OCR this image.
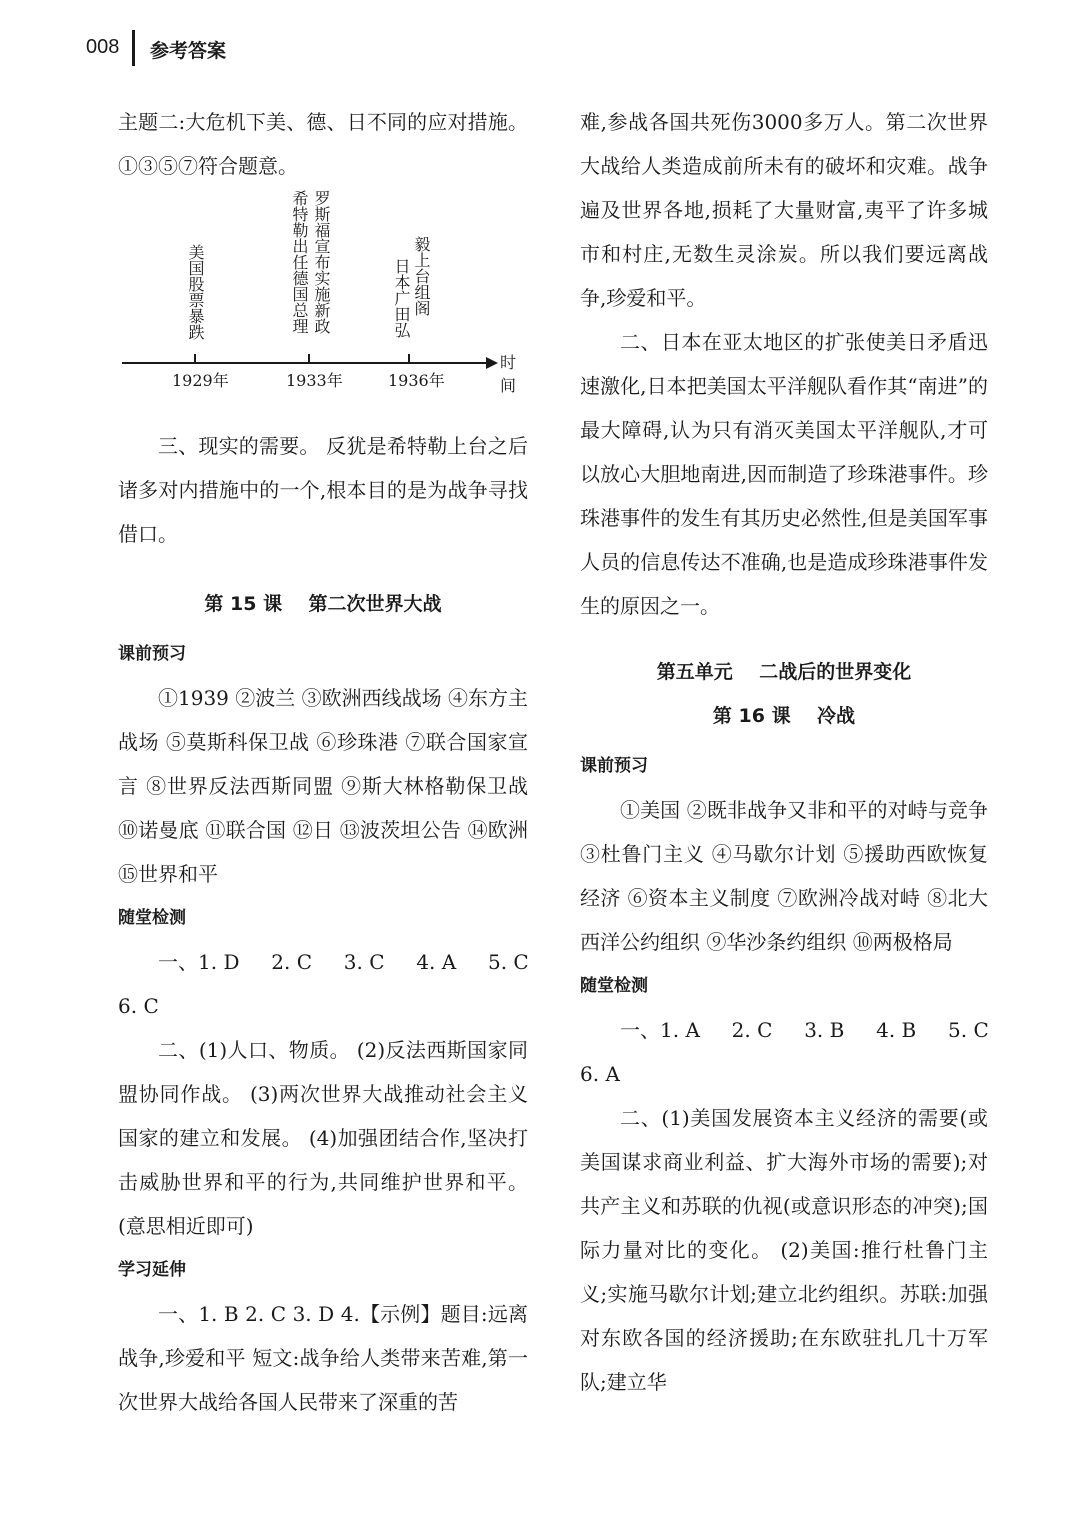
008 参考答案

主题二:大危机下美、德、日不同的应对措施。①③⑤⑦符合题意。

美国股票暴跌	希特勒出任德国总理 罗斯福宣布实施新政	日本广田弘 毅上台组阁
时间
1929年	1933年	1936年

三、现实的需要。 反犹是希特勒上台之后诸多对内措施中的一个,根本目的是为战争寻找借口。

第 15 课    第二次世界大战

课前预习

①1939 ②波兰 ③欧洲西线战场 ④东方主战场 ⑤莫斯科保卫战 ⑥珍珠港 ⑦联合国家宣言 ⑧世界反法西斯同盟 ⑨斯大林格勒保卫战 ⑩诺曼底 ⑪联合国 ⑫日 ⑬波茨坦公告 ⑭欧洲 ⑮世界和平

随堂检测

一、1. D     2. C     3. C     4. A     5. C

6. C

二、(1)人口、物质。 (2)反法西斯国家同盟协同作战。 (3)两次世界大战推动社会主义国家的建立和发展。 (4)加强团结合作,坚决打击威胁世界和平的行为,共同维护世界和平。(意思相近即可)

学习延伸

一、1. B 2. C 3. D 4.【示例】题目:远离战争,珍爱和平 短文:战争给人类带来苦难,第一次世界大战给各国人民带来了深重的苦

难,参战各国共死伤3000多万人。第二次世界大战给人类造成前所未有的破坏和灾难。战争遍及世界各地,损耗了大量财富,夷平了许多城市和村庄,无数生灵涂炭。所以我们要远离战争,珍爱和平。

二、日本在亚太地区的扩张使美日矛盾迅速激化,日本把美国太平洋舰队看作其“南进”的最大障碍,认为只有消灭美国太平洋舰队,才可以放心大胆地南进,因而制造了珍珠港事件。珍珠港事件的发生有其历史必然性,但是美国军事人员的信息传达不准确,也是造成珍珠港事件发生的原因之一。

第五单元    二战后的世界变化

第 16 课    冷战

课前预习

①美国 ②既非战争又非和平的对峙与竞争 ③杜鲁门主义 ④马歇尔计划 ⑤援助西欧恢复经济 ⑥资本主义制度 ⑦欧洲冷战对峙 ⑧北大西洋公约组织 ⑨华沙条约组织 ⑩两极格局

随堂检测

一、1. A     2. C     3. B     4. B     5. C

6. A

二、(1)美国发展资本主义经济的需要(或美国谋求商业利益、扩大海外市场的需要);对共产主义和苏联的仇视(或意识形态的冲突);国际力量对比的变化。 (2)美国:推行杜鲁门主义;实施马歇尔计划;建立北约组织。苏联:加强对东欧各国的经济援助;在东欧驻扎几十万军队;建立华
